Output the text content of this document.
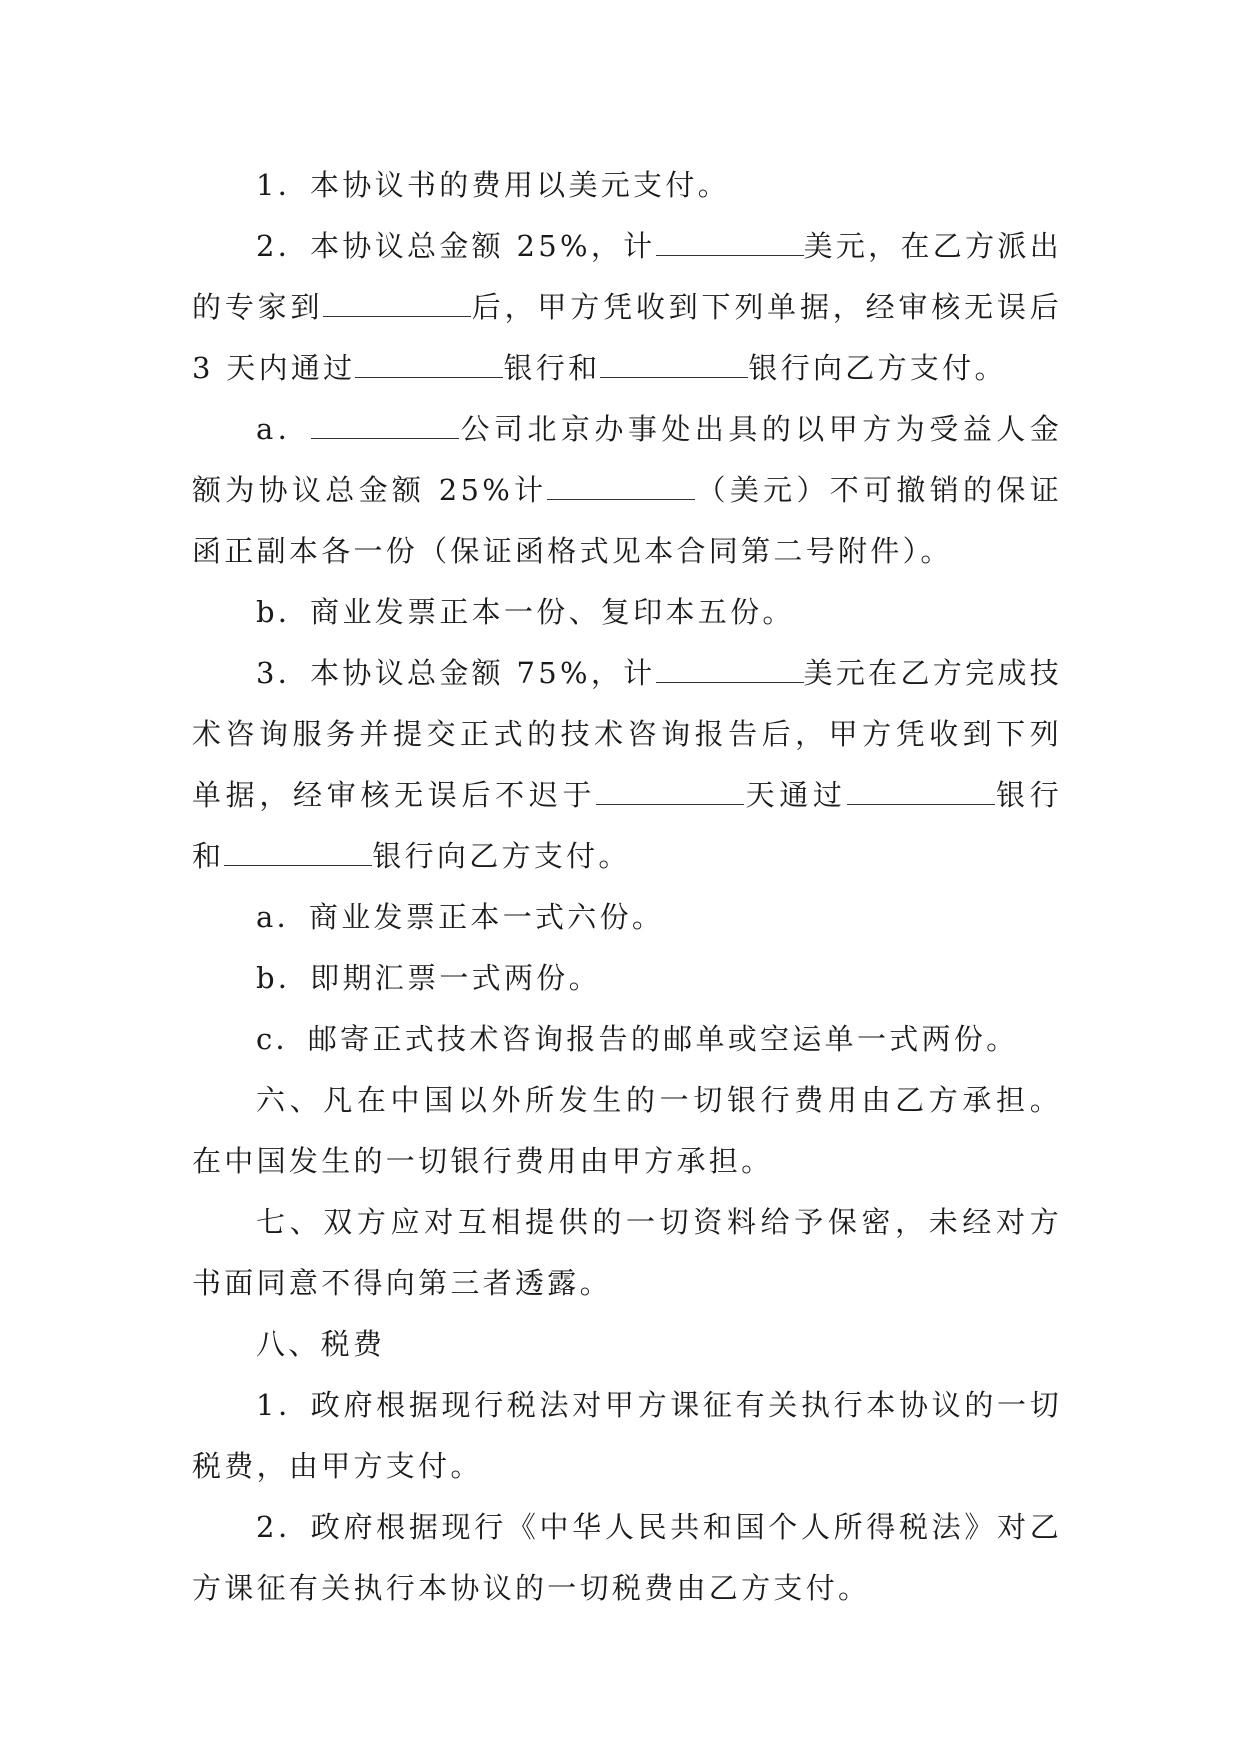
1．本协议书的费用以美元支付。

2．本协议总金额 25%，计	美元，在乙方派出的专家到	后，甲方凭收到下列单据，经审核无误后 3 天内通过	银行和	银行向乙方支付。

a．	公司北京办事处出具的以甲方为受益人金额为协议总金额 25%计	（美元）不可撤销的保证函正副本各一份（保证函格式见本合同第二号附件）。

b．商业发票正本一份、复印本五份。

3．本协议总金额 75%，计	美元在乙方完成技术咨询服务并提交正式的技术咨询报告后，甲方凭收到下列单据，经审核无误后不迟于	天通过	银行和	银行向乙方支付。

a．商业发票正本一式六份。

b．即期汇票一式两份。

c．邮寄正式技术咨询报告的邮单或空运单一式两份。

六、凡在中国以外所发生的一切银行费用由乙方承担。在中国发生的一切银行费用由甲方承担。

七、双方应对互相提供的一切资料给予保密，未经对方书面同意不得向第三者透露。

八、税费

1．政府根据现行税法对甲方课征有关执行本协议的一切税费，由甲方支付。

2．政府根据现行《中华人民共和国个人所得税法》对乙方课征有关执行本协议的一切税费由乙方支付。
